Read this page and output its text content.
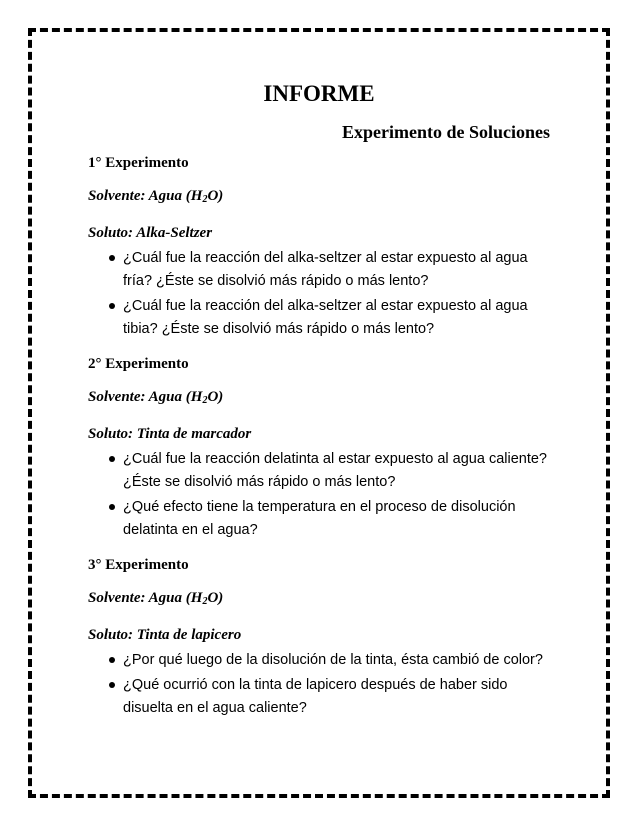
INFORME
Experimento de Soluciones

1° Experimento

Solvente: Agua $(H_2O)$

Soluto: Alka-Seltzer

¿Cuál fue la reacción del alka-seltzer al estar expuesto al agua fría? ¿Éste se disolvió más rápido o más lento?
¿Cuál fue la reacción del alka-seltzer al estar expuesto al agua tibia? ¿Éste se disolvió más rápido o más lento?

2° Experimento

Solvente: Agua $(H_2O)$

Soluto: Tinta de marcador

¿Cuál fue la reacción delatinta al estar expuesto al agua caliente? ¿Éste se disolvió más rápido o más lento?
¿Qué efecto tiene la temperatura en el proceso de disolución delatinta en el agua?

3° Experimento

Solvente: Agua $(H_2O)$

Soluto: Tinta de lapicero

¿Por qué luego de la disolución de la tinta, ésta cambió de color?
¿Qué ocurrió con la tinta de lapicero después de haber sido disuelta en el agua caliente?
